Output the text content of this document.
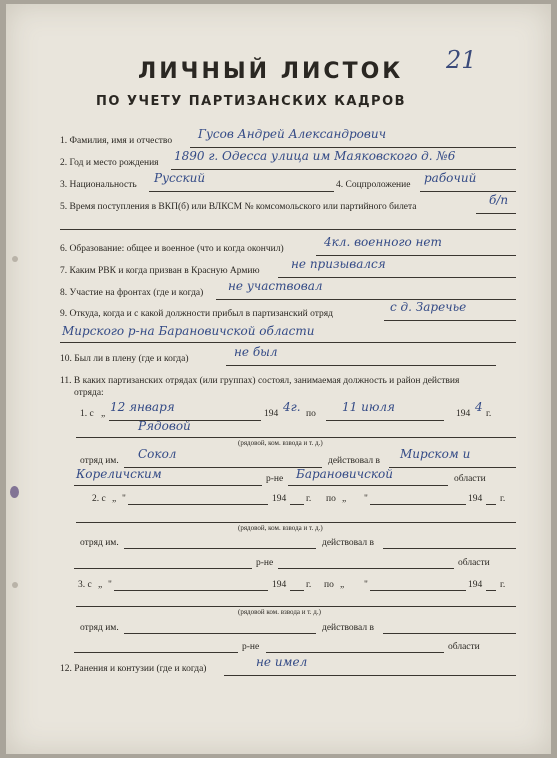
21
ЛИЧНЫЙ ЛИСТОК
ПО УЧЕТУ ПАРТИЗАНСКИХ КАДРОВ
1. Фамилия, имя и отчество Гусов Андрей Александрович
2. Год и место рождения 1890 г. Одесса улица им Маяковского д. №6
3. Национальность Русский	4. Соцпроложение рабочий
5. Время поступления в ВКП(б) или ВЛКСМ № комсомольского или партийного билета	б/п
6. Образование: общее и военное (что и когда окончил)	4кл. военного нет
7. Каким РВК и когда призван в Красную Армию	не призывался
8. Участие на фронтах (где и когда) не участвовал
9. Откуда, когда и с какой должности прибыл в партизанский отряд	с д. Заречье
Мирского р-на Барановичской области
10. Был ли в плену (где и когда)	не был
11. В каких партизанских отрядах (или группах) состоял, занимаемая должность и район действия
отряда:
1. с „ 12 января	194 4г. по 11 июля	194 4 г.
Рядовой
(рядовой, ком. взвода и т. д.)
отряд им. Сокол	действовал в Мирском и
Кореличским	р-не Барановичской	области
2. с „ "	194 г. по „ "	194 г.
(рядовой, ком. взвода и т. д.)
отряд им.	действовал в
р-не	области
3. с „ "	194 г. по „ "	194 г.
(рядовой ком. взвода и т. д.)
отряд им.	действовал в
р-не	области
12. Ранения и контузии (где и когда)	не имел
